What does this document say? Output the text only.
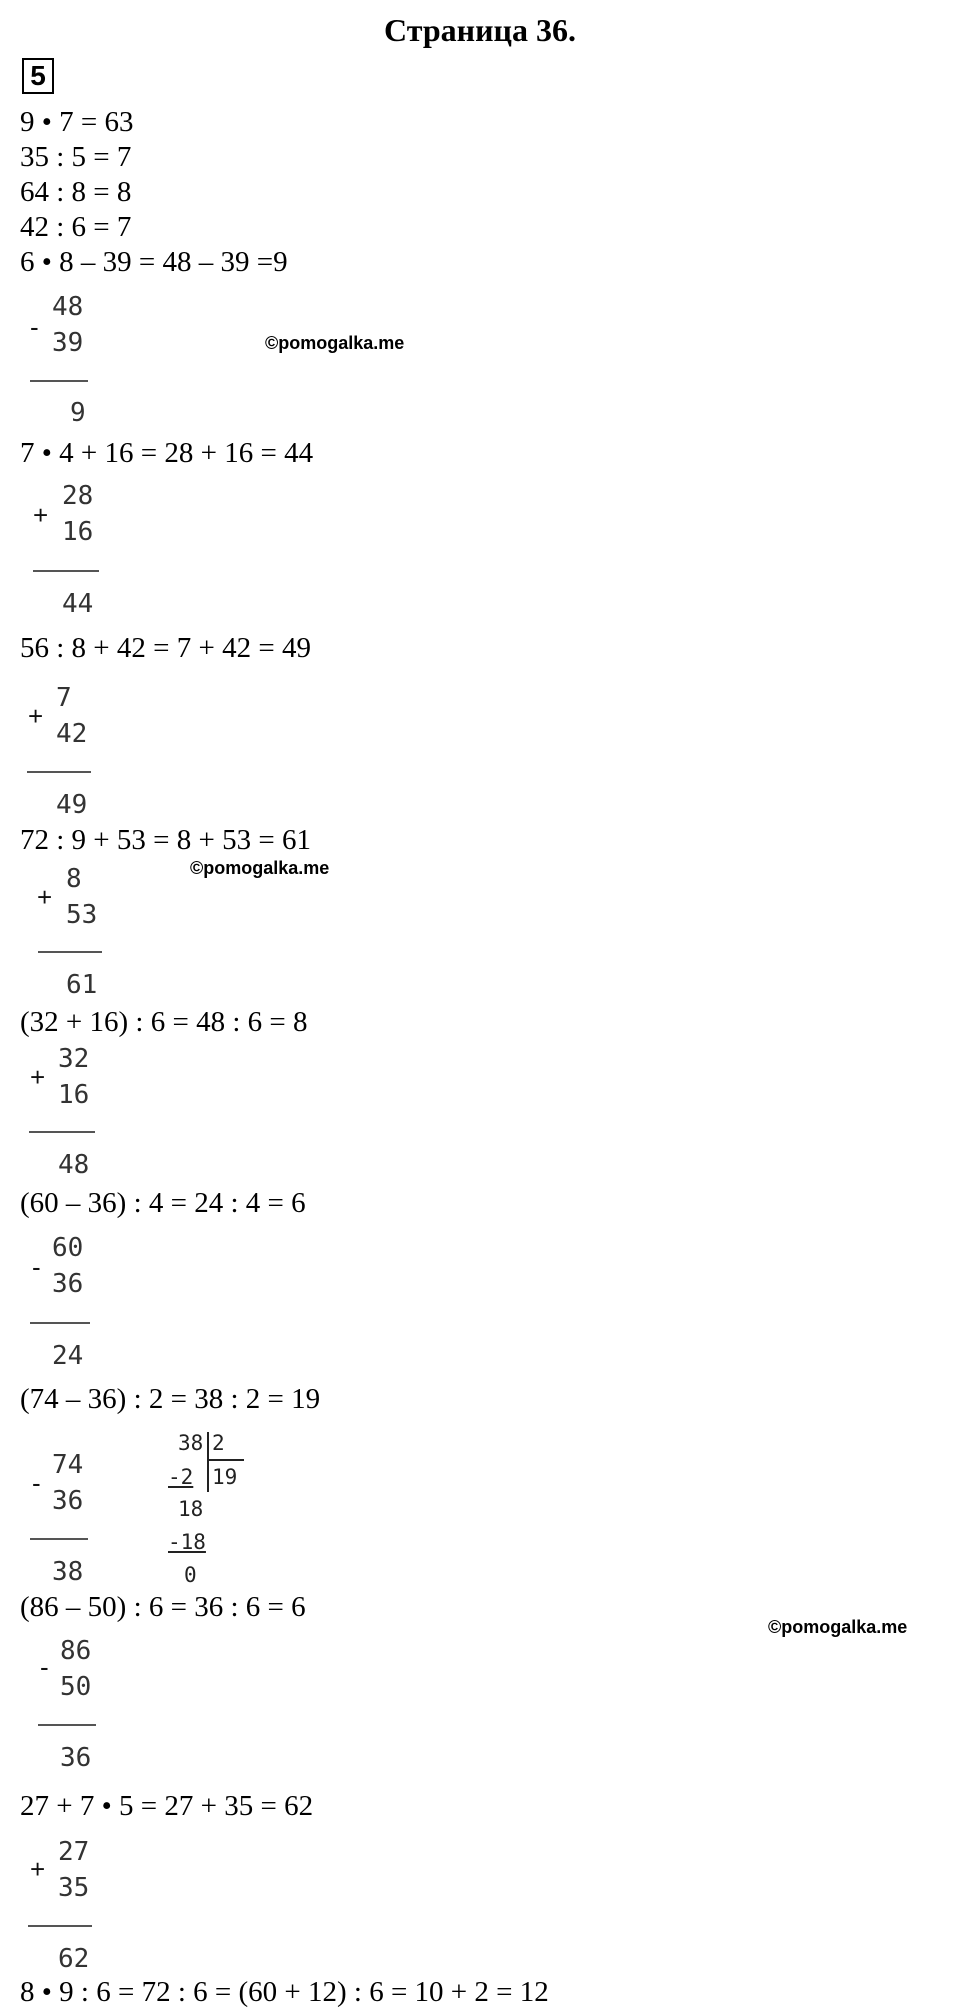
Страница 36.
5
9 • 7 = 63
35 : 5 = 7
64 : 8 = 8
42 : 6 = 7
6 • 8 – 39 = 48 – 39 =9
-
48
39
9
©pomogalka.me
7 • 4 + 16 = 28 + 16 = 44
+
28
16
44
56 : 8 + 42 = 7 + 42 = 49
+
7
42
49
72 : 9 + 53 = 8 + 53 = 61
©pomogalka.me
+
8
53
61
(32 + 16) : 6 = 48 : 6 = 8
+
32
16
48
(60 – 36) : 4 = 24 : 4 = 6
-
60
36
24
(74 – 36) : 2 = 38 : 2 = 19
-
74
36
38
38 2
19
-2
18
-18
0
(86 – 50) : 6 = 36 : 6 = 6
©pomogalka.me
-
86
50
36
27 + 7 • 5 = 27 + 35 = 62
+
27
35
62
8 • 9 : 6 = 72 : 6 = (60 + 12) : 6 = 10 + 2 = 12
